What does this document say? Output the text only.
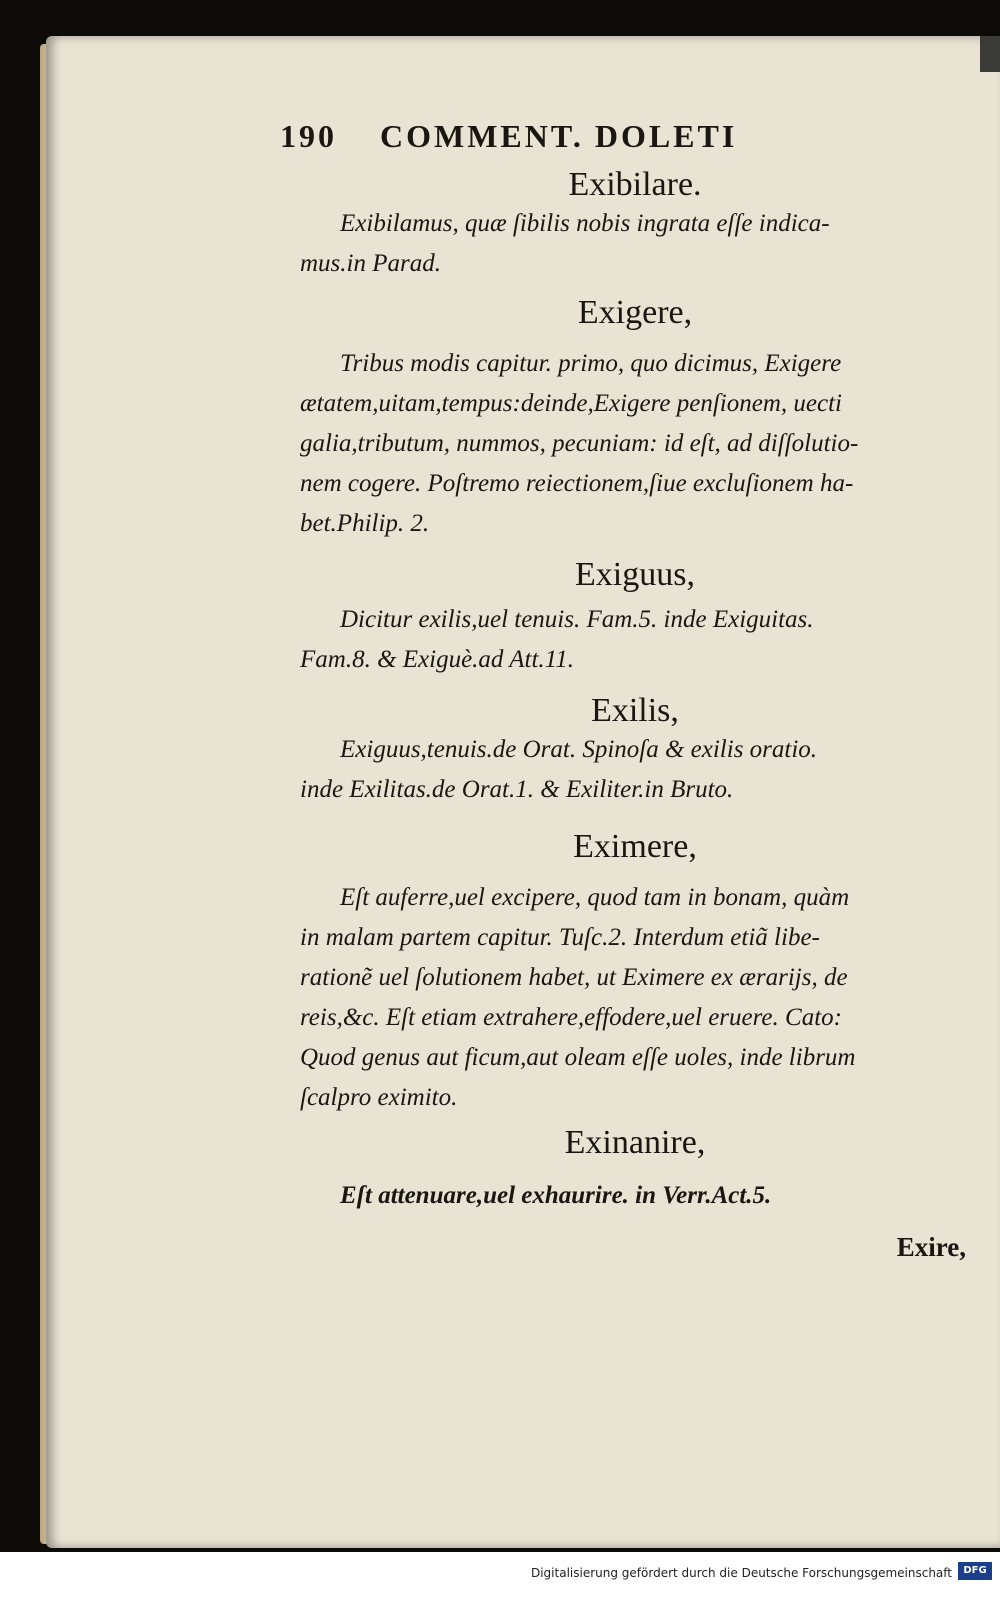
190 COMMENT. DOLETI

Exibilare.

Exibilamus, quæ ſibilis nobis ingrata eſſe indica-

mus.in Parad.

Exigere,

Tribus modis capitur. primo, quo dicimus, Exigere

ætatem,uitam,tempus:deinde,Exigere penſionem, uecti

galia,tributum, nummos, pecuniam: id eſt, ad diſſolutio-

nem cogere. Poſtremo reiectionem,ſiue excluſionem ha-

bet.Philip. 2.

Exiguus,

Dicitur exilis,uel tenuis. Fam.5. inde Exiguitas.

Fam.8. & Exiguè.ad Att.11.

Exilis,

Exiguus,tenuis.de Orat. Spinoſa & exilis oratio.

inde Exilitas.de Orat.1. & Exiliter.in Bruto.

Eximere,

Eſt auferre,uel excipere, quod tam in bonam, quàm

in malam partem capitur. Tuſc.2. Interdum etiã libe-

rationẽ uel ſolutionem habet, ut Eximere ex ærarijs, de

reis,&c. Eſt etiam extrahere,effodere,uel eruere. Cato:

Quod genus aut ficum,aut oleam eſſe uoles, inde librum

ſcalpro eximito.

Exinanire,

Eſt attenuare,uel exhaurire. in Verr.Act.5.

Exire,
Digitalisierung gefördert durch die Deutsche Forschungsgemeinschaft	DFG
